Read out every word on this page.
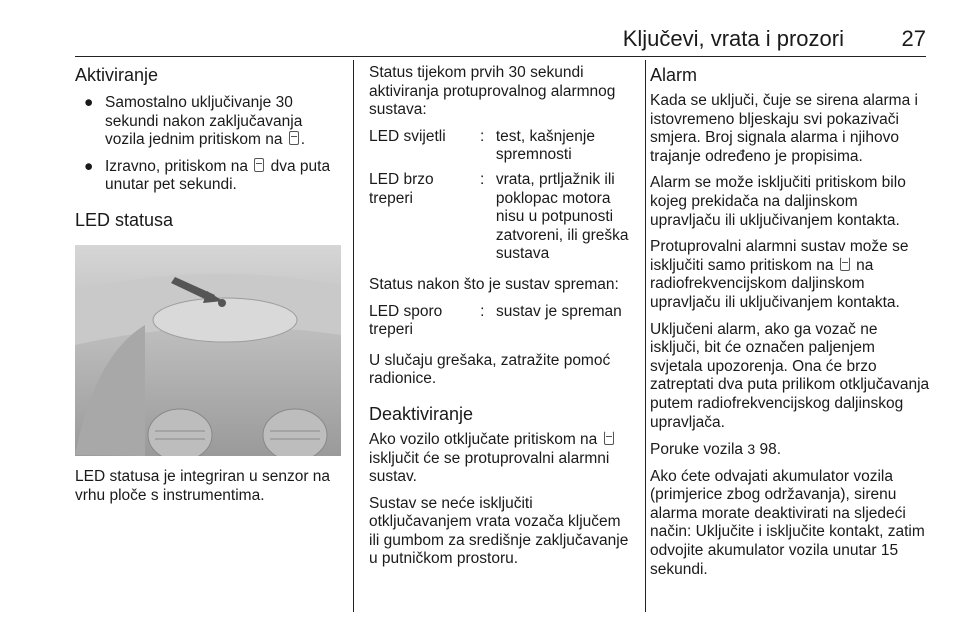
Ključevi, vrata i prozori	27
Aktiviranje
● Samostalno uključivanje 30 sekundi nakon zaključavanja vozila jednim pritiskom na .
● Izravno, pritiskom na dva puta unutar pet sekundi.
LED statusa

LED statusa je integriran u senzor na vrhu ploče s instrumentima.

Status tijekom prvih 30 sekundi aktiviranja protuprovalnog alarmnog sustava:

LED svijetli	:	test, kašnjenje spremnosti
LED brzo treperi	:	vrata, prtljažnik ili poklopac motora nisu u potpunosti zatvoreni, ili greška sustava

Status nakon što je sustav spreman:

LED sporo treperi	:	sustav je spreman

U slučaju grešaka, zatražite pomoć radionice.

Deaktiviranje

Ako vozilo otključate pritiskom na  isključit će se protuprovalni alarmni sustav.

Sustav se neće isključiti otključavanjem vrata vozača ključem ili gumbom za središnje zaključavanje u putničkom prostoru.

Alarm

Kada se uključi, čuje se sirena alarma i istovremeno bljeskaju svi pokazivači smjera. Broj signala alarma i njihovo trajanje određeno je propisima.

Alarm se može isključiti pritiskom bilo kojeg prekidača na daljinskom upravljaču ili uključivanjem kontakta.

Protuprovalni alarmni sustav može se isključiti samo pritiskom na na radiofrekvencijskom daljinskom upravljaču ili uključivanjem kontakta.

Uključeni alarm, ako ga vozač ne isključi, bit će označen paljenjem svjetala upozorenja. Ona će brzo zatreptati dva puta prilikom otključavanja putem radiofrekvencijskog daljinskog upravljača.

Poruke vozila 3 98.

Ako ćete odvajati akumulator vozila (primjerice zbog održavanja), sirenu alarma morate deaktivirati na sljedeći način: Uključite i isključite kontakt, zatim odvojite akumulator vozila unutar 15 sekundi.
